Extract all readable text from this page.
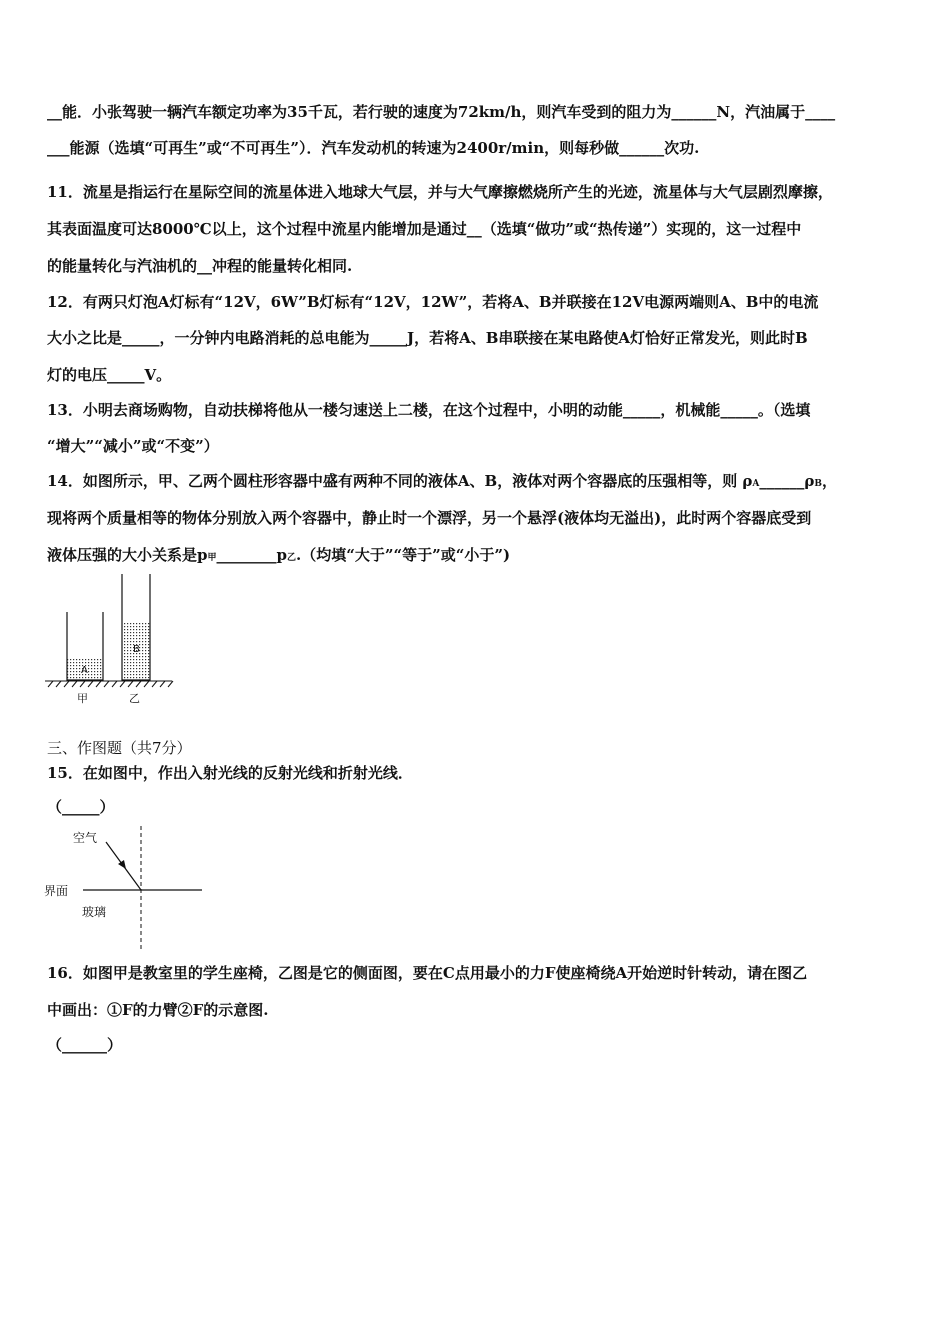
__能．小张驾驶一辆汽车额定功率为35千瓦，若行驶的速度为72km/h，则汽车受到的阻力为______N，汽油属于____
___能源（选填“可再生”或“不可再生”）．汽车发动机的转速为2400r/min，则每秒做______次功.
11．流星是指运行在星际空间的流星体进入地球大气层，并与大气摩擦燃烧所产生的光迹，流星体与大气层剧烈摩擦，
其表面温度可达8000℃以上，这个过程中流星内能增加是通过__（选填“做功”或“热传递”）实现的，这一过程中
的能量转化与汽油机的__冲程的能量转化相同.
12．有两只灯泡A灯标有“12V，6W”B灯标有“12V，12W”，若将A、B并联接在12V电源两端则A、B中的电流
大小之比是_____，一分钟内电路消耗的总电能为_____J，若将A、B串联接在某电路使A灯恰好正常发光，则此时B
灯的电压_____V。
13．小明去商场购物，自动扶梯将他从一楼匀速送上二楼，在这个过程中，小明的动能_____，机械能_____。（选填
“增大”“减小”或“不变”）
14．如图所示，甲、乙两个圆柱形容器中盛有两种不同的液体A、B，液体对两个容器底的压强相等，则 ρA______ρB，
现将两个质量相等的物体分别放入两个容器中，静止时一个漂浮，另一个悬浮(液体均无溢出)，此时两个容器底受到
液体压强的大小关系是p甲________p乙.（均填“大于”“等于”或“小于”)
A
B
甲	乙
三、作图题（共7分）
15．在如图中，作出入射光线的反射光线和折射光线．
（_____）
空气
界面
玻璃
16．如图甲是教室里的学生座椅，乙图是它的侧面图，要在C点用最小的力F使座椅绕A开始逆时针转动，请在图乙
中画出：①F的力臂②F的示意图.
（______）
